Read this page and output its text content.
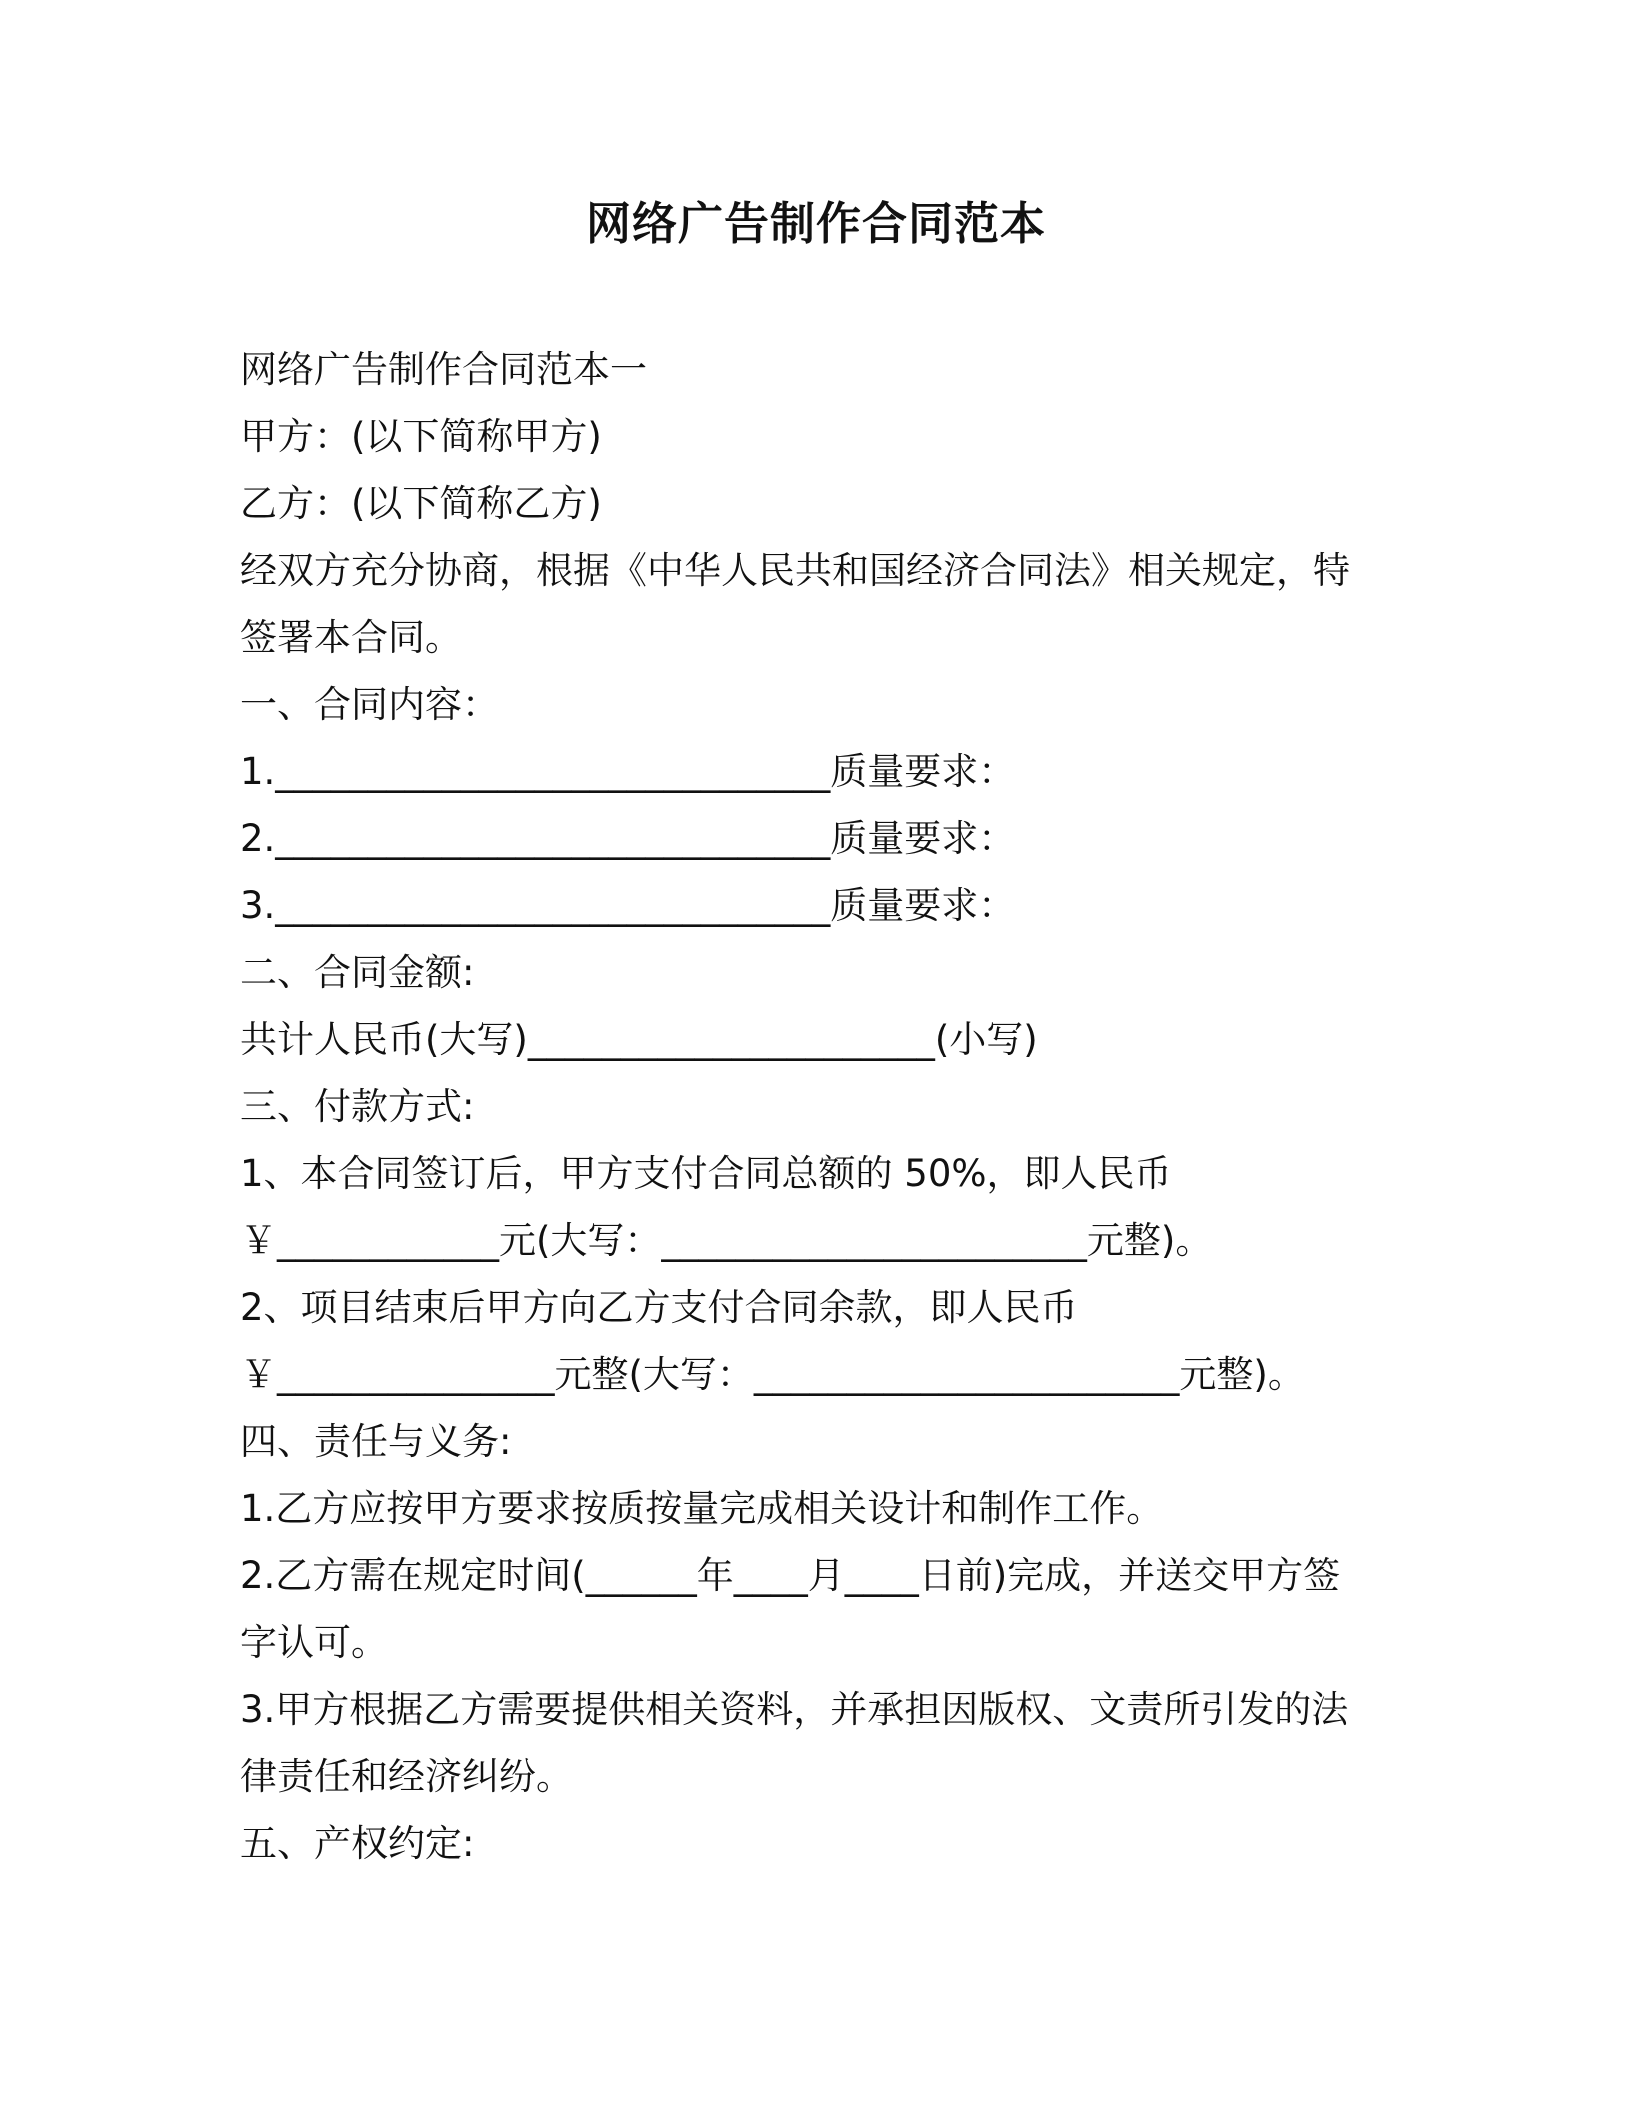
网络广告制作合同范本
网络广告制作合同范本一
甲方：(以下简称甲方)
乙方：(以下简称乙方)
经双方充分协商，根据《中华人民共和国经济合同法》相关规定，特
签署本合同。
一、合同内容：
1.______________________________质量要求：
2.______________________________质量要求：
3.______________________________质量要求：
二、合同金额:
共计人民币(大写)______________________(小写)
三、付款方式:
1、本合同签订后，甲方支付合同总额的 50%，即人民币
￥____________元(大写：_______________________元整)。
2、项目结束后甲方向乙方支付合同余款，即人民币
￥_______________元整(大写：_______________________元整)。
四、责任与义务:
1.乙方应按甲方要求按质按量完成相关设计和制作工作。
2.乙方需在规定时间(______年____月____日前)完成，并送交甲方签
字认可。
3.甲方根据乙方需要提供相关资料，并承担因版权、文责所引发的法
律责任和经济纠纷。
五、产权约定:
